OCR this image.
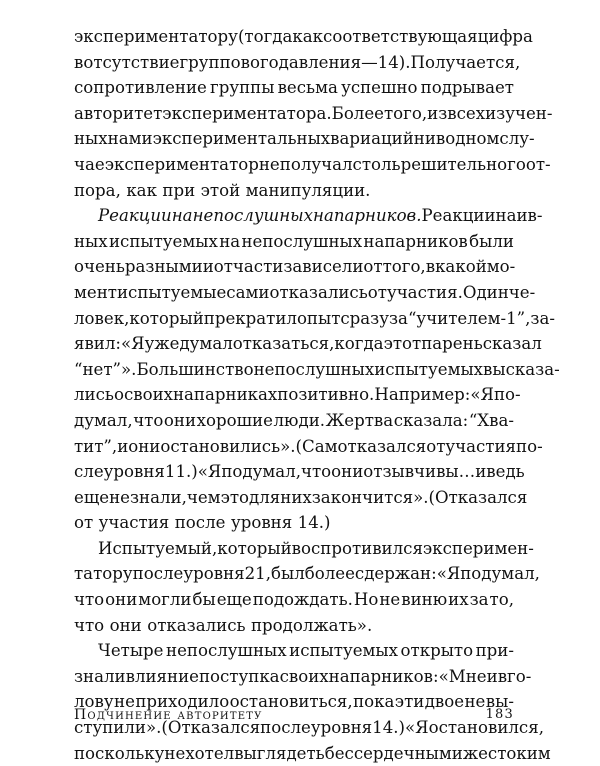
экспериментатору (тогда как соответствующая цифра
в отсутствие группового давления — 14). Получается,
сопротивление группы весьма успешно подрывает
авторитет экспериментатора. Более того, из всех изучен-
ных нами экспериментальных вариаций ни в одном слу-
чае экспериментатор не получал столь решительного от-
пора, как при этой манипуляции.
Реакции на непослушных напарников. Реакции наив-
ных испытуемых на непослушных напарников были
очень разными и отчасти зависели от того, в какой мо-
мент испытуемые сами отказались от участия. Один че-
ловек, который прекратил опыт сразу за “учителем-1”, за-
явил: «Я уже думал отказаться, когда этот парень сказал
“нет”». Большинство непослушных испытуемых высказа-
лись о своих напарниках позитивно. Например: «Я по-
думал, что они хорошие люди. Жертва сказала: “Хва-
тит”, и они остановились». (Сам отказался от участия по-
сле уровня 11.) «Я подумал, что они отзывчивы… и ведь
еще не знали, чем это для них закончится». (Отказался
от участия после уровня 14.)
Испытуемый, который воспротивился эксперимен-
татору после уровня 21, был более сдержан: «Я подумал,
что они могли бы еще подождать. Но не виню их за то,
что они отказались продолжать».
Четыре непослушных испытуемых открыто при-
знали влияние поступка своих напарников: «Мне и в го-
лову не приходило остановиться, пока эти двое не вы-
ступили». (Отказался после уровня 14.) «Я остановился,
поскольку не хотел выглядеть бессердечным и жестоким
Подчинение авторитету	183
